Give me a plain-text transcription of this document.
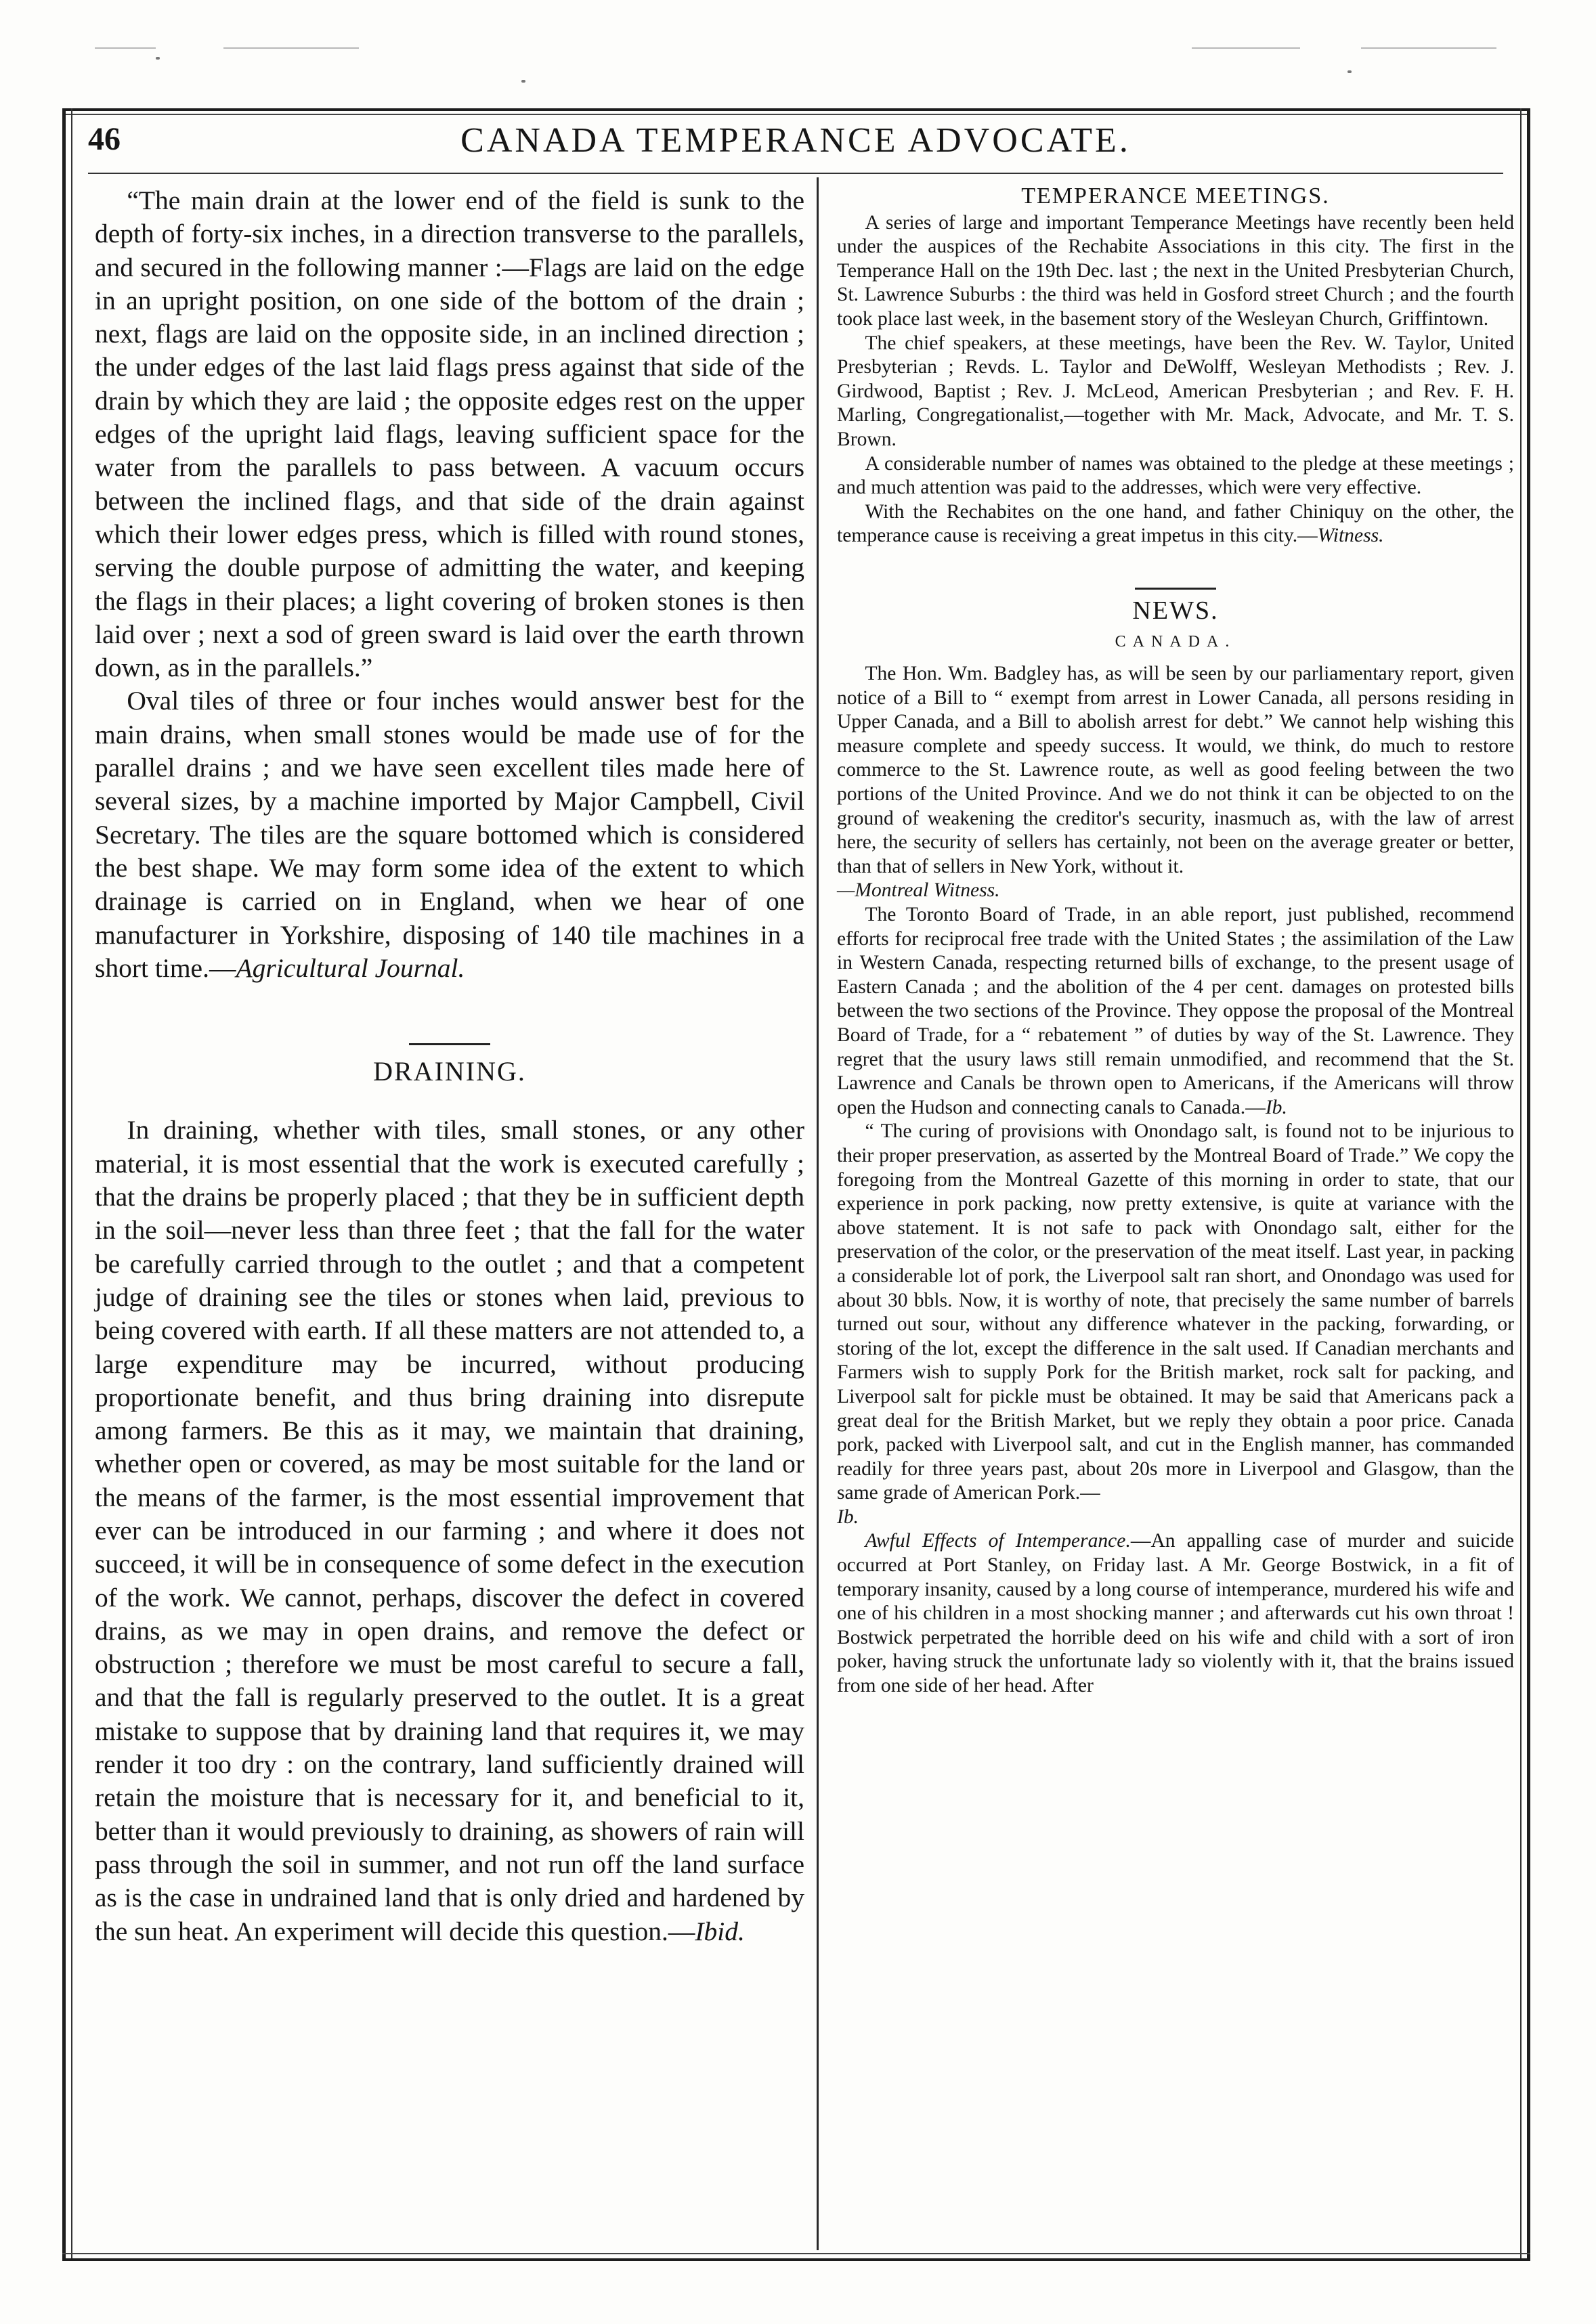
46	CANADA TEMPERANCE ADVOCATE.

“The main drain at the lower end of the field is sunk to the depth of forty-six inches, in a direction transverse to the parallels, and secured in the following manner :—Flags are laid on the edge in an upright position, on one side of the bottom of the drain ; next, flags are laid on the opposite side, in an inclined direction ; the under edges of the last laid flags press against that side of the drain by which they are laid ; the opposite edges rest on the upper edges of the upright laid flags, leaving sufficient space for the water from the parallels to pass between. A vacuum occurs between the inclined flags, and that side of the drain against which their lower edges press, which is filled with round stones, serving the double purpose of admitting the water, and keeping the flags in their places; a light covering of broken stones is then laid over ; next a sod of green sward is laid over the earth thrown down, as in the parallels.”

Oval tiles of three or four inches would answer best for the main drains, when small stones would be made use of for the parallel drains ; and we have seen excellent tiles made here of several sizes, by a machine imported by Major Campbell, Civil Secretary. The tiles are the square bottomed which is considered the best shape. We may form some idea of the extent to which drainage is carried on in England, when we hear of one manufacturer in Yorkshire, disposing of 140 tile machines in a short time.—Agricultural Journal.

DRAINING.

In draining, whether with tiles, small stones, or any other material, it is most essential that the work is executed carefully ; that the drains be properly placed ; that they be in sufficient depth in the soil—never less than three feet ; that the fall for the water be carefully carried through to the outlet ; and that a competent judge of draining see the tiles or stones when laid, previous to being covered with earth. If all these matters are not attended to, a large expenditure may be incurred, without producing proportionate benefit, and thus bring draining into disrepute among farmers. Be this as it may, we maintain that draining, whether open or covered, as may be most suitable for the land or the means of the farmer, is the most essential improvement that ever can be introduced in our farming ; and where it does not succeed, it will be in consequence of some defect in the execution of the work. We cannot, perhaps, discover the defect in covered drains, as we may in open drains, and remove the defect or obstruction ; therefore we must be most careful to secure a fall, and that the fall is regularly preserved to the outlet. It is a great mistake to suppose that by draining land that requires it, we may render it too dry : on the contrary, land sufficiently drained will retain the moisture that is necessary for it, and beneficial to it, better than it would previously to draining, as showers of rain will pass through the soil in summer, and not run off the land surface as is the case in undrained land that is only dried and hardened by the sun heat. An experiment will decide this question.—Ibid.

TEMPERANCE MEETINGS.

A series of large and important Temperance Meetings have recently been held under the auspices of the Rechabite Associations in this city. The first in the Temperance Hall on the 19th Dec. last ; the next in the United Presbyterian Church, St. Lawrence Suburbs : the third was held in Gosford street Church ; and the fourth took place last week, in the basement story of the Wesleyan Church, Griffintown.

The chief speakers, at these meetings, have been the Rev. W. Taylor, United Presbyterian ; Revds. L. Taylor and DeWolff, Wesleyan Methodists ; Rev. J. Girdwood, Baptist ; Rev. J. McLeod, American Presbyterian ; and Rev. F. H. Marling, Congregationalist,—together with Mr. Mack, Advocate, and Mr. T. S. Brown.

A considerable number of names was obtained to the pledge at these meetings ; and much attention was paid to the addresses, which were very effective.

With the Rechabites on the one hand, and father Chiniquy on the other, the temperance cause is receiving a great impetus in this city.—Witness.

NEWS.
CANADA.

The Hon. Wm. Badgley has, as will be seen by our parliamentary report, given notice of a Bill to “ exempt from arrest in Lower Canada, all persons residing in Upper Canada, and a Bill to abolish arrest for debt.” We cannot help wishing this measure complete and speedy success. It would, we think, do much to restore commerce to the St. Lawrence route, as well as good feeling between the two portions of the United Province. And we do not think it can be objected to on the ground of weakening the creditor's security, inasmuch as, with the law of arrest here, the security of sellers has certainly, not been on the average greater or better, than that of sellers in New York, without it.
—Montreal Witness.

The Toronto Board of Trade, in an able report, just published, recommend efforts for reciprocal free trade with the United States ; the assimilation of the Law in Western Canada, respecting returned bills of exchange, to the present usage of Eastern Canada ; and the abolition of the 4 per cent. damages on protested bills between the two sections of the Province. They oppose the proposal of the Montreal Board of Trade, for a “ rebatement ” of duties by way of the St. Lawrence. They regret that the usury laws still remain unmodified, and recommend that the St. Lawrence and Canals be thrown open to Americans, if the Americans will throw open the Hudson and connecting canals to Canada.—Ib.

“ The curing of provisions with Onondago salt, is found not to be injurious to their proper preservation, as asserted by the Montreal Board of Trade.” We copy the foregoing from the Montreal Gazette of this morning in order to state, that our experience in pork packing, now pretty extensive, is quite at variance with the above statement. It is not safe to pack with Onondago salt, either for the preservation of the color, or the preservation of the meat itself. Last year, in packing a considerable lot of pork, the Liverpool salt ran short, and Onondago was used for about 30 bbls. Now, it is worthy of note, that precisely the same number of barrels turned out sour, without any difference whatever in the packing, forwarding, or storing of the lot, except the difference in the salt used. If Canadian merchants and Farmers wish to supply Pork for the British market, rock salt for packing, and Liverpool salt for pickle must be obtained. It may be said that Americans pack a great deal for the British Market, but we reply they obtain a poor price. Canada pork, packed with Liverpool salt, and cut in the English manner, has commanded readily for three years past, about 20s more in Liverpool and Glasgow, than the same grade of American Pork.—
Ib.

Awful Effects of Intemperance.—An appalling case of murder and suicide occurred at Port Stanley, on Friday last. A Mr. George Bostwick, in a fit of temporary insanity, caused by a long course of intemperance, murdered his wife and one of his children in a most shocking manner ; and afterwards cut his own throat ! Bostwick perpetrated the horrible deed on his wife and child with a sort of iron poker, having struck the unfortunate lady so violently with it, that the brains issued from one side of her head. After
